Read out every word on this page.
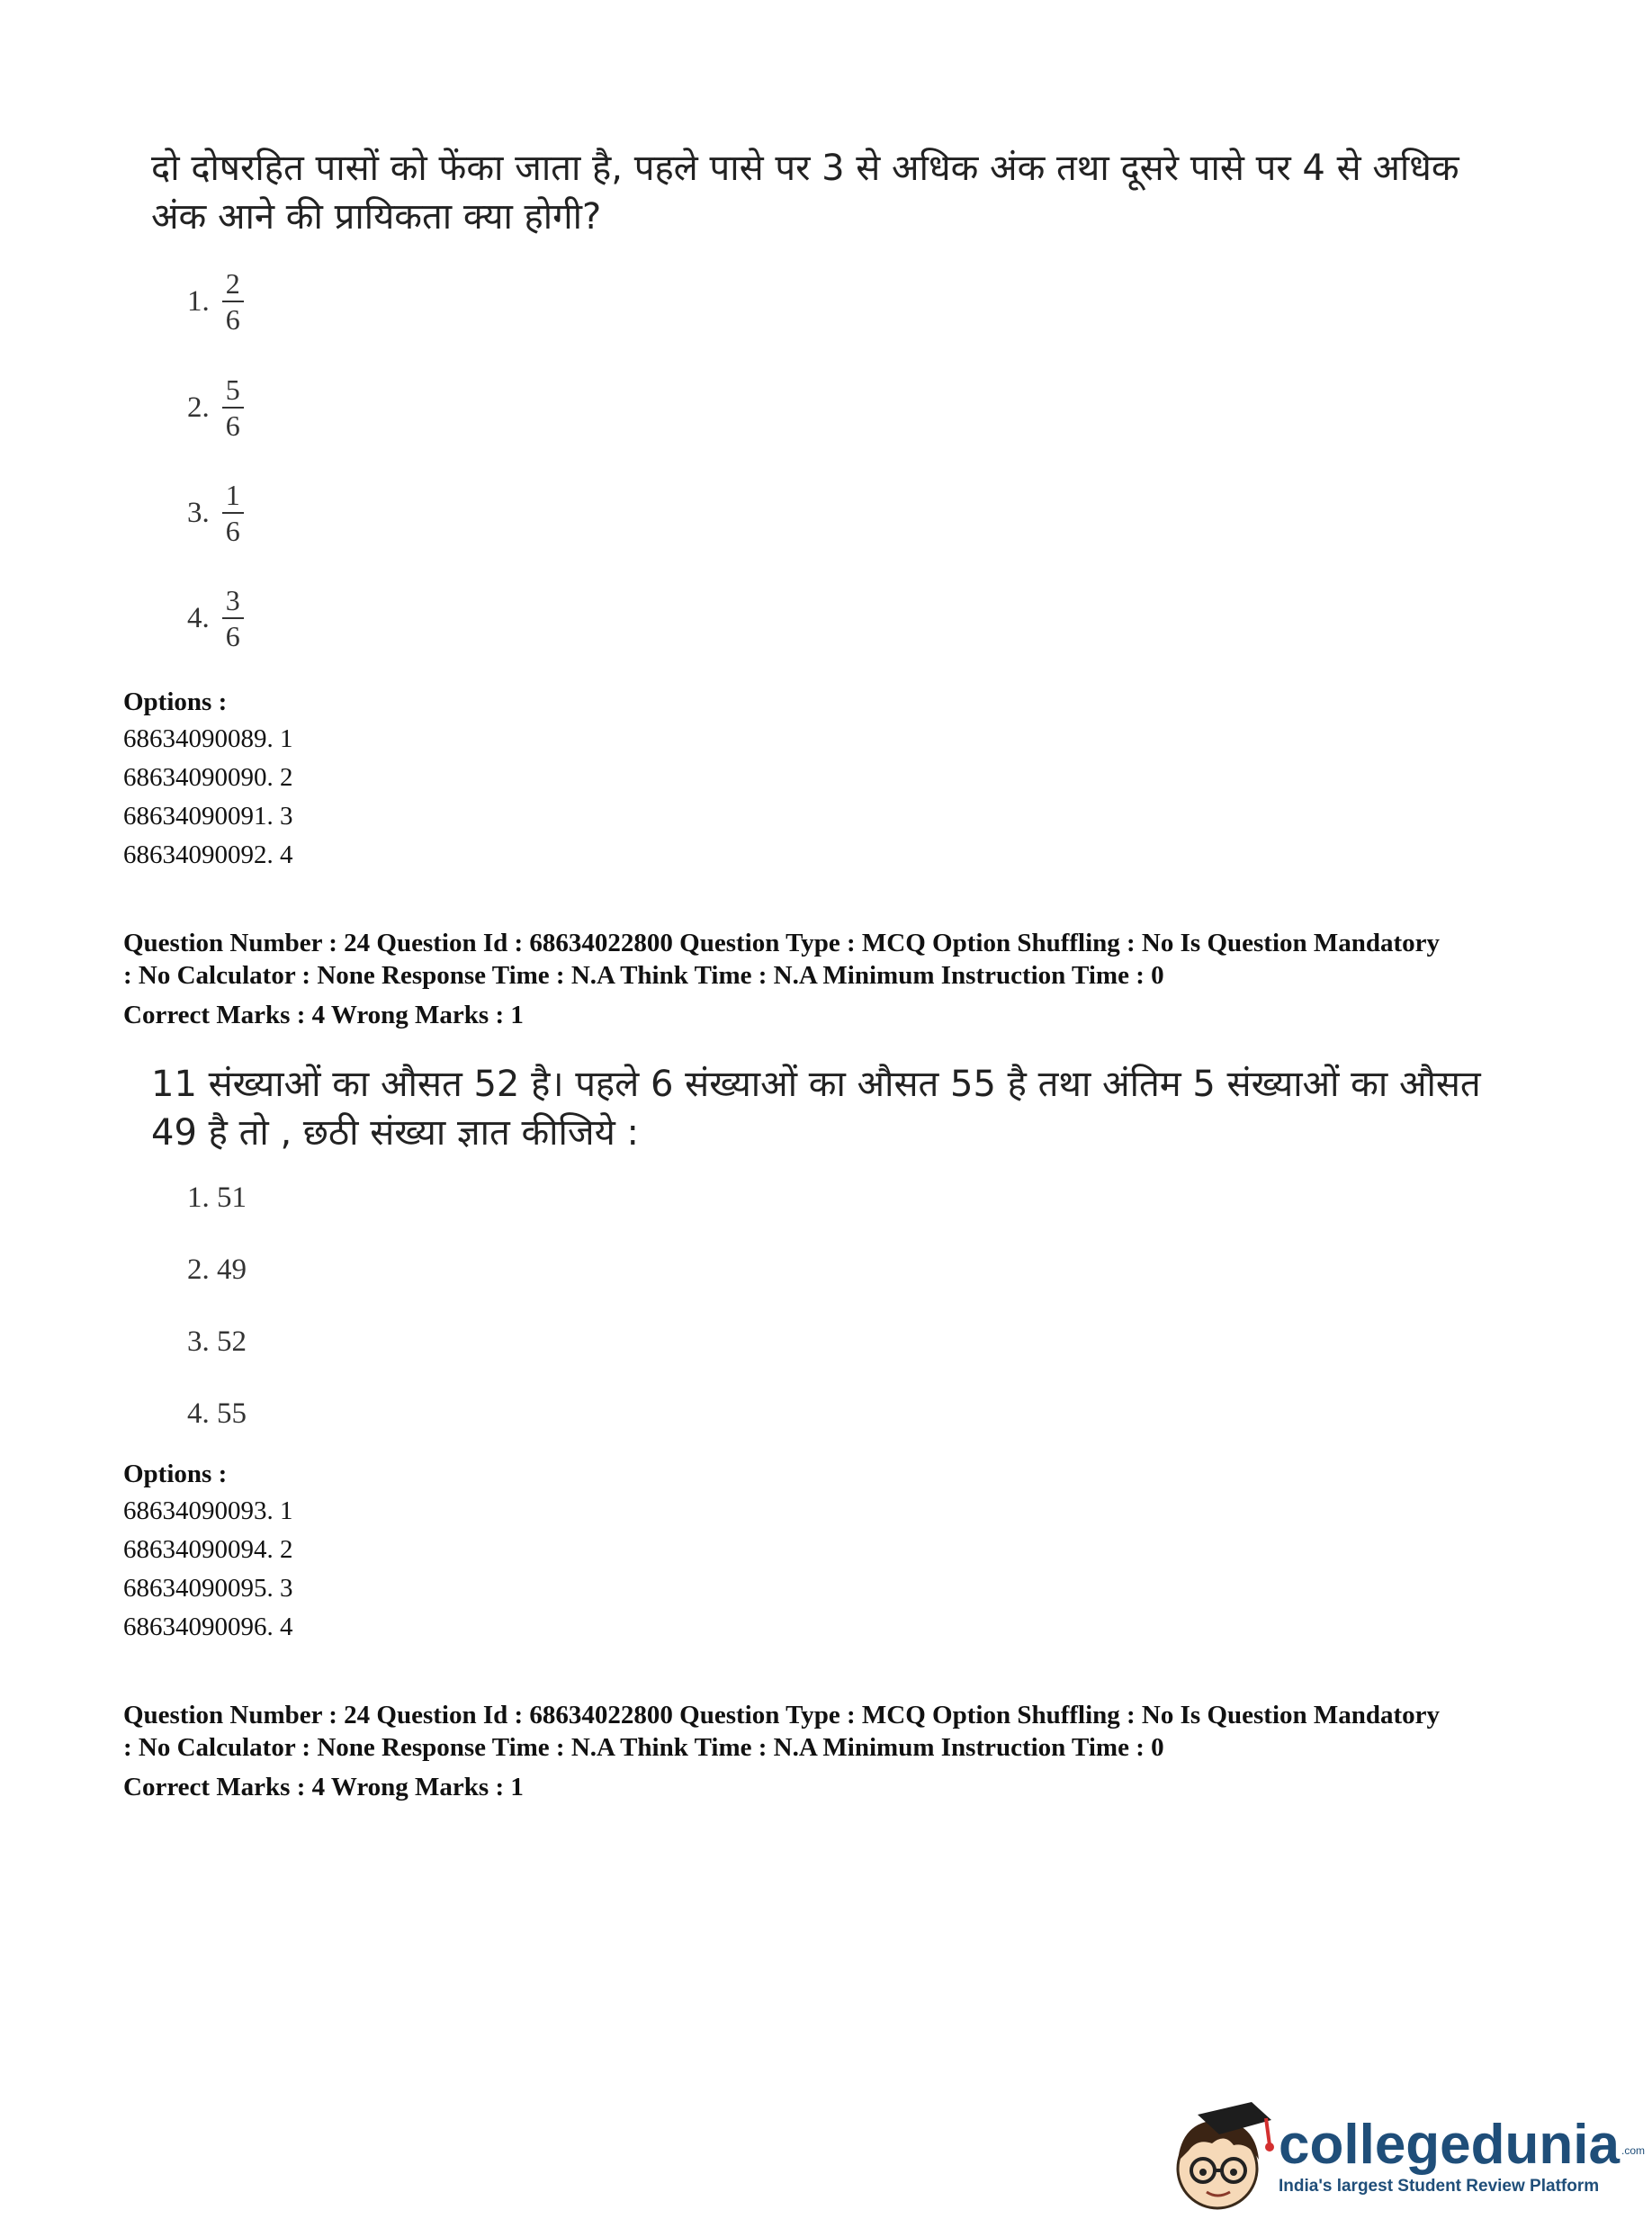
दो दोषरहित पासों को फेंका जाता है, पहले पासे पर 3 से अधिक अंक तथा दूसरे पासे पर 4 से अधिक अंक आने की प्रायिकता क्या होगी?
1. $\frac{2}{6}$
2. $\frac{5}{6}$
3. $\frac{1}{6}$
4. $\frac{3}{6}$
Options :
68634090089. 1
68634090090. 2
68634090091. 3
68634090092. 4
Question Number : 24 Question Id : 68634022800 Question Type : MCQ Option Shuffling : No Is Question Mandatory
: No Calculator : None Response Time : N.A Think Time : N.A Minimum Instruction Time : 0
Correct Marks : 4 Wrong Marks : 1
11 संख्याओं का औसत 52 है। पहले 6 संख्याओं का औसत 55 है तथा अंतिम 5 संख्याओं का औसत 49 है तो , छठी संख्या ज्ञात कीजिये :
1. 51
2. 49
3. 52
4. 55
Options :
68634090093. 1
68634090094. 2
68634090095. 3
68634090096. 4
Question Number : 24 Question Id : 68634022800 Question Type : MCQ Option Shuffling : No Is Question Mandatory
: No Calculator : None Response Time : N.A Think Time : N.A Minimum Instruction Time : 0
Correct Marks : 4 Wrong Marks : 1
collegedunia .com
India's largest Student Review Platform
